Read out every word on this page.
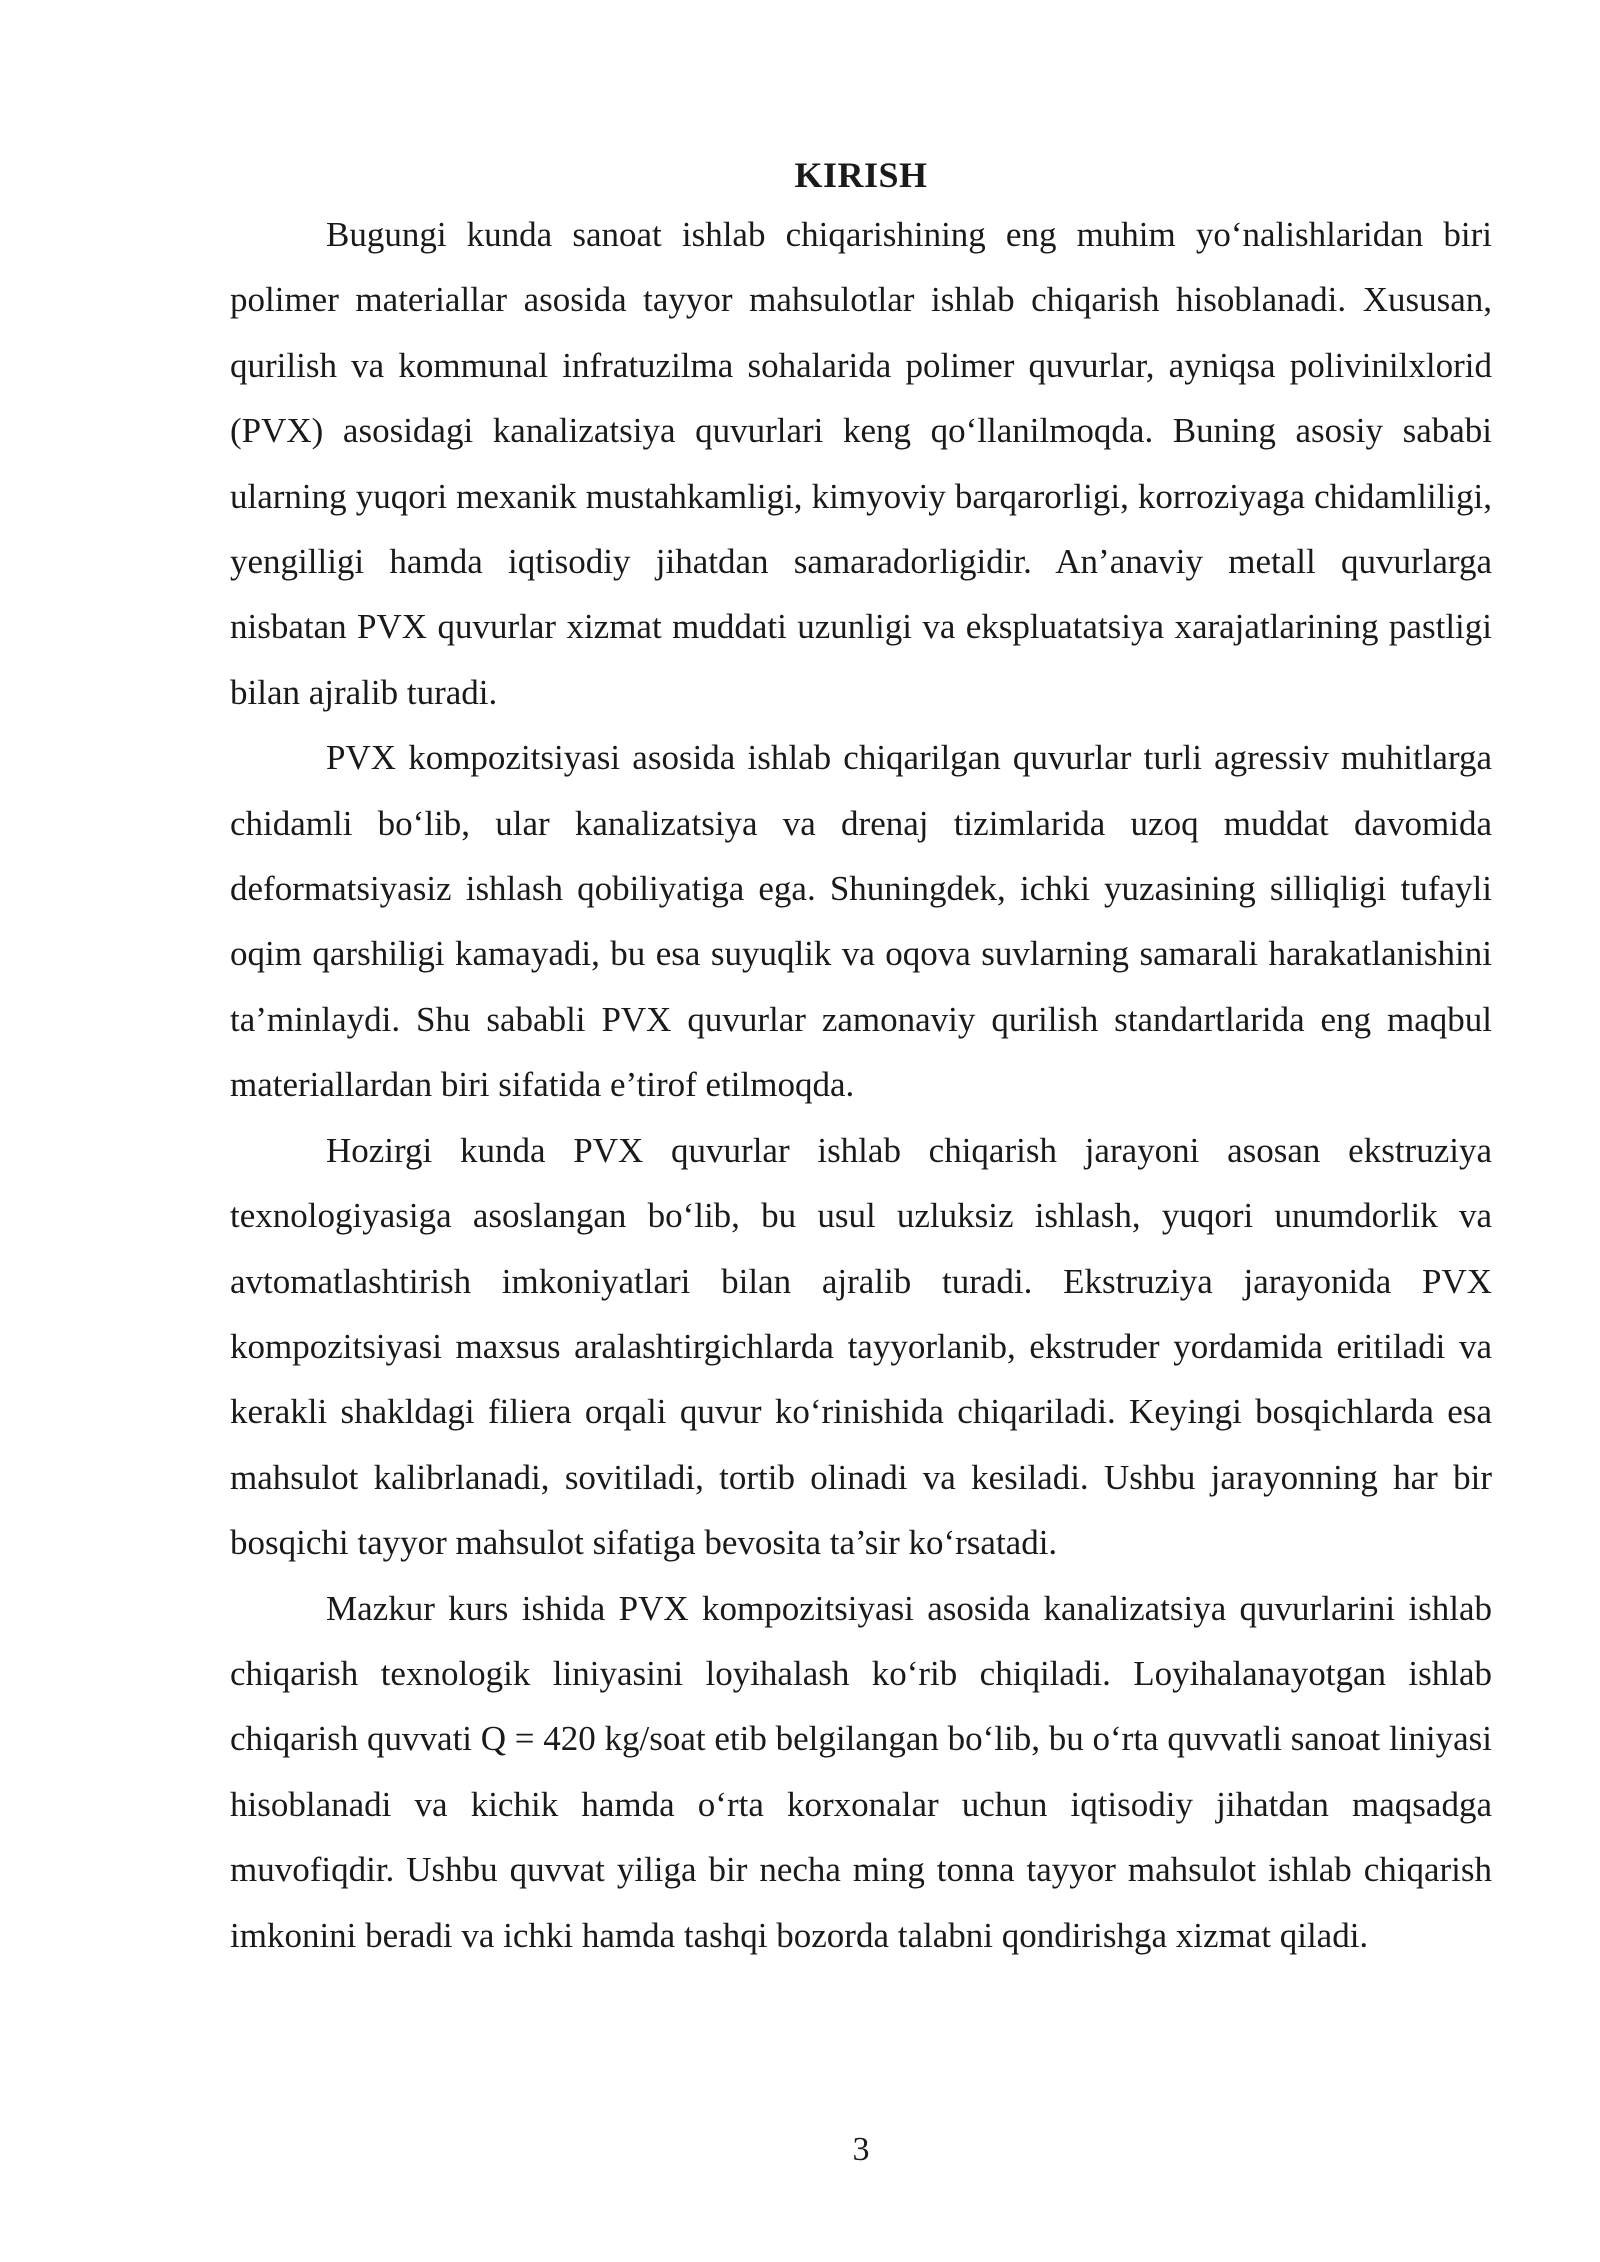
KIRISH

Bugungi kunda sanoat ishlab chiqarishining eng muhim yo‘nalishlaridan biri polimer materiallar asosida tayyor mahsulotlar ishlab chiqarish hisoblanadi. Xususan, qurilish va kommunal infratuzilma sohalarida polimer quvurlar, ayniqsa polivinilxlorid (PVX) asosidagi kanalizatsiya quvurlari keng qo‘llanilmoqda. Buning asosiy sababi ularning yuqori mexanik mustahkamligi, kimyoviy barqarorligi, korroziyaga chidamliligi, yengilligi hamda iqtisodiy jihatdan samaradorligidir. An’anaviy metall quvurlarga nisbatan PVX quvurlar xizmat muddati uzunligi va ekspluatatsiya xarajatlarining pastligi bilan ajralib turadi.

PVX kompozitsiyasi asosida ishlab chiqarilgan quvurlar turli agressiv muhitlarga chidamli bo‘lib, ular kanalizatsiya va drenaj tizimlarida uzoq muddat davomida deformatsiyasiz ishlash qobiliyatiga ega. Shuningdek, ichki yuzasining silliqligi tufayli oqim qarshiligi kamayadi, bu esa suyuqlik va oqova suvlarning samarali harakatlanishini ta’minlaydi. Shu sababli PVX quvurlar zamonaviy qurilish standartlarida eng maqbul materiallardan biri sifatida e’tirof etilmoqda.

Hozirgi kunda PVX quvurlar ishlab chiqarish jarayoni asosan ekstruziya texnologiyasiga asoslangan bo‘lib, bu usul uzluksiz ishlash, yuqori unumdorlik va avtomatlashtirish imkoniyatlari bilan ajralib turadi. Ekstruziya jarayonida PVX kompozitsiyasi maxsus aralashtirgichlarda tayyorlanib, ekstruder yordamida eritiladi va kerakli shakldagi filiera orqali quvur ko‘rinishida chiqariladi. Keyingi bosqichlarda esa mahsulot kalibrlanadi, sovitiladi, tortib olinadi va kesiladi. Ushbu jarayonning har bir bosqichi tayyor mahsulot sifatiga bevosita ta’sir ko‘rsatadi.

Mazkur kurs ishida PVX kompozitsiyasi asosida kanalizatsiya quvurlarini ishlab chiqarish texnologik liniyasini loyihalash ko‘rib chiqiladi. Loyihalanayotgan ishlab chiqarish quvvati Q = 420 kg/soat etib belgilangan bo‘lib, bu o‘rta quvvatli sanoat liniyasi hisoblanadi va kichik hamda o‘rta korxonalar uchun iqtisodiy jihatdan maqsadga muvofiqdir. Ushbu quvvat yiliga bir necha ming tonna tayyor mahsulot ishlab chiqarish imkonini beradi va ichki hamda tashqi bozorda talabni qondirishga xizmat qiladi.

3
